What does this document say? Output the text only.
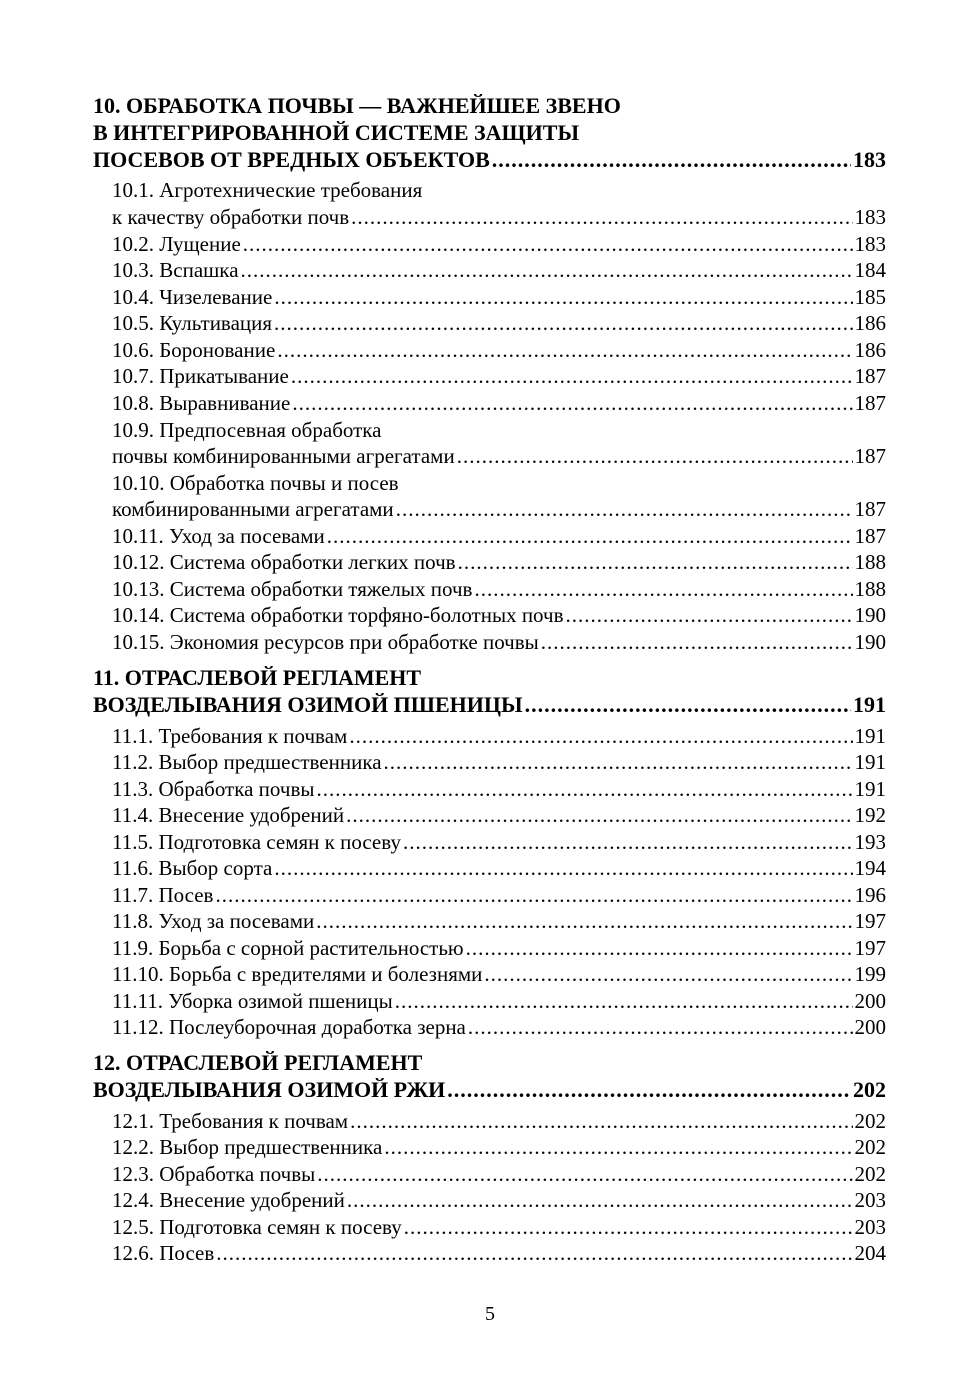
10. ОБРАБОТКА ПОЧВЫ — ВАЖНЕЙШЕЕ ЗВЕНО
В ИНТЕГРИРОВАННОЙ СИСТЕМЕ ЗАЩИТЫ
ПОСЕВОВ ОТ ВРЕДНЫХ ОБЪЕКТОВ .....	183
10.1. Агротехнические требования
к качеству обработки почв .....	183
10.2. Лущение .....	183
10.3. Вспашка .....	184
10.4. Чизелевание .....	185
10.5. Культивация .....	186
10.6. Боронование .....	186
10.7. Прикатывание .....	187
10.8. Выравнивание .....	187
10.9. Предпосевная обработка
почвы комбинированными агрегатами .....	187
10.10. Обработка почвы и посев
комбинированными агрегатами .....	187
10.11. Уход за посевами .....	187
10.12. Система обработки легких почв .....	188
10.13. Система обработки тяжелых почв .....	188
10.14. Система обработки торфяно-болотных почв .....	190
10.15. Экономия ресурсов при обработке почвы .....	190
11. ОТРАСЛЕВОЙ РЕГЛАМЕНТ
ВОЗДЕЛЫВАНИЯ ОЗИМОЙ ПШЕНИЦЫ .....	191
11.1. Требования к почвам .....	191
11.2. Выбор предшественника .....	191
11.3. Обработка почвы .....	191
11.4. Внесение удобрений .....	192
11.5. Подготовка семян к посеву .....	193
11.6. Выбор сорта .....	194
11.7. Посев .....	196
11.8. Уход за посевами .....	197
11.9. Борьба с сорной растительностью .....	197
11.10. Борьба с вредителями и болезнями .....	199
11.11. Уборка озимой пшеницы .....	200
11.12. Послеуборочная доработка зерна .....	200
12. ОТРАСЛЕВОЙ РЕГЛАМЕНТ
ВОЗДЕЛЫВАНИЯ ОЗИМОЙ РЖИ .....	202
12.1. Требования к почвам .....	202
12.2. Выбор предшественника .....	202
12.3. Обработка почвы .....	202
12.4. Внесение удобрений .....	203
12.5. Подготовка семян к посеву .....	203
12.6. Посев .....	204
5
